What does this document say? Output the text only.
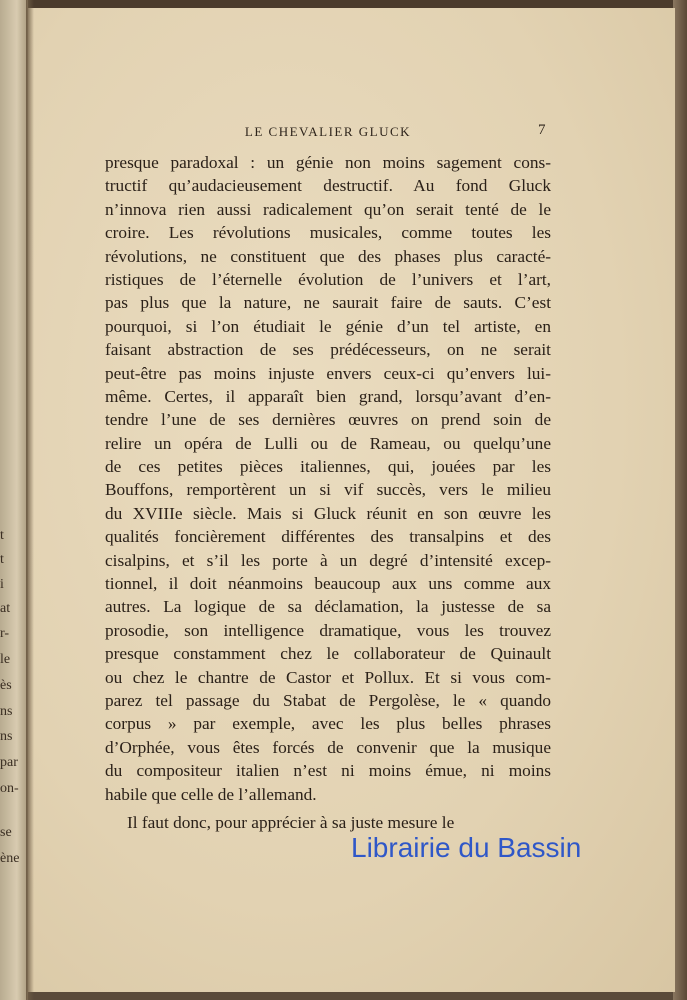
t
t
i
at
r-
le
ès
ns
ns
par
on-
se
ène
LE CHEVALIER GLUCK	7
presque paradoxal : un génie non moins sagement cons-
tructif qu’audacieusement destructif. Au fond Gluck
n’innova rien aussi radicalement qu’on serait tenté de le
croire. Les révolutions musicales, comme toutes les
révolutions, ne constituent que des phases plus caracté-
ristiques de l’éternelle évolution de l’univers et l’art,
pas plus que la nature, ne saurait faire de sauts. C’est
pourquoi, si l’on étudiait le génie d’un tel artiste, en
faisant abstraction de ses prédécesseurs, on ne serait
peut-être pas moins injuste envers ceux-ci qu’envers lui-
même. Certes, il apparaît bien grand, lorsqu’avant d’en-
tendre l’une de ses dernières œuvres on prend soin de
relire un opéra de Lulli ou de Rameau, ou quelqu’une
de ces petites pièces italiennes, qui, jouées par les
Bouffons, remportèrent un si vif succès, vers le milieu
du XVIIIe siècle. Mais si Gluck réunit en son œuvre les
qualités foncièrement différentes des transalpins et des
cisalpins, et s’il les porte à un degré d’intensité excep-
tionnel, il doit néanmoins beaucoup aux uns comme aux
autres. La logique de sa déclamation, la justesse de sa
prosodie, son intelligence dramatique, vous les trouvez
presque constamment chez le collaborateur de Quinault
ou chez le chantre de Castor et Pollux. Et si vous com-
parez tel passage du Stabat de Pergolèse, le « quando
corpus » par exemple, avec les plus belles phrases
d’Orphée, vous êtes forcés de convenir que la musique
du compositeur italien n’est ni moins émue, ni moins
habile que celle de l’allemand.
Il faut donc, pour apprécier à sa juste mesure le
Librairie du Bassin
